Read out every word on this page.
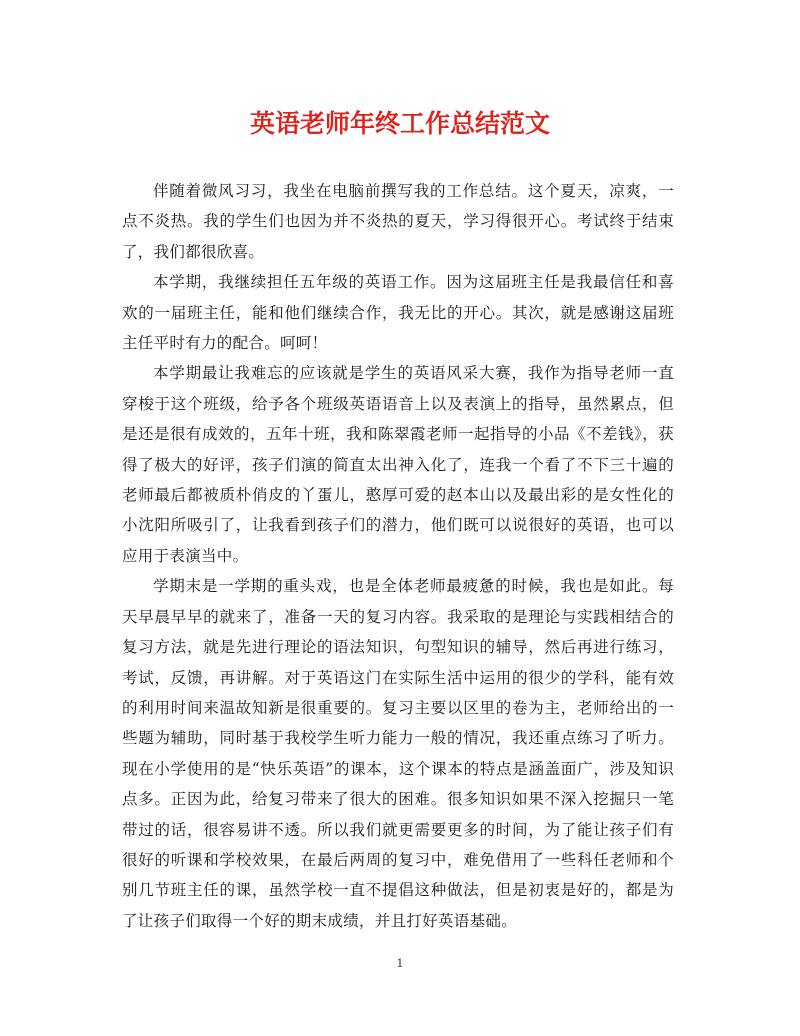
英语老师年终工作总结范文

伴随着微风习习，我坐在电脑前撰写我的工作总结。这个夏天，凉爽，一点不炎热。我的学生们也因为并不炎热的夏天，学习得很开心。考试终于结束了，我们都很欣喜。

本学期，我继续担任五年级的英语工作。因为这届班主任是我最信任和喜欢的一届班主任，能和他们继续合作，我无比的开心。其次，就是感谢这届班主任平时有力的配合。呵呵！

本学期最让我难忘的应该就是学生的英语风采大赛，我作为指导老师一直穿梭于这个班级，给予各个班级英语语音上以及表演上的指导，虽然累点，但是还是很有成效的，五年十班，我和陈翠霞老师一起指导的小品《不差钱》，获得了极大的好评，孩子们演的简直太出神入化了，连我一个看了不下三十遍的老师最后都被质朴俏皮的丫蛋儿，憨厚可爱的赵本山以及最出彩的是女性化的小沈阳所吸引了，让我看到孩子们的潜力，他们既可以说很好的英语，也可以应用于表演当中。

学期末是一学期的重头戏，也是全体老师最疲惫的时候，我也是如此。每天早晨早早的就来了，准备一天的复习内容。我采取的是理论与实践相结合的复习方法，就是先进行理论的语法知识，句型知识的辅导，然后再进行练习，考试，反馈，再讲解。对于英语这门在实际生活中运用的很少的学科，能有效的利用时间来温故知新是很重要的。复习主要以区里的卷为主，老师给出的一些题为辅助，同时基于我校学生听力能力一般的情况，我还重点练习了听力。现在小学使用的是“快乐英语”的课本，这个课本的特点是涵盖面广，涉及知识点多。正因为此，给复习带来了很大的困难。很多知识如果不深入挖掘只一笔带过的话，很容易讲不透。所以我们就更需要更多的时间，为了能让孩子们有很好的听课和学校效果，在最后两周的复习中，难免借用了一些科任老师和个别几节班主任的课，虽然学校一直不提倡这种做法，但是初衷是好的，都是为了让孩子们取得一个好的期末成绩，并且打好英语基础。

1
